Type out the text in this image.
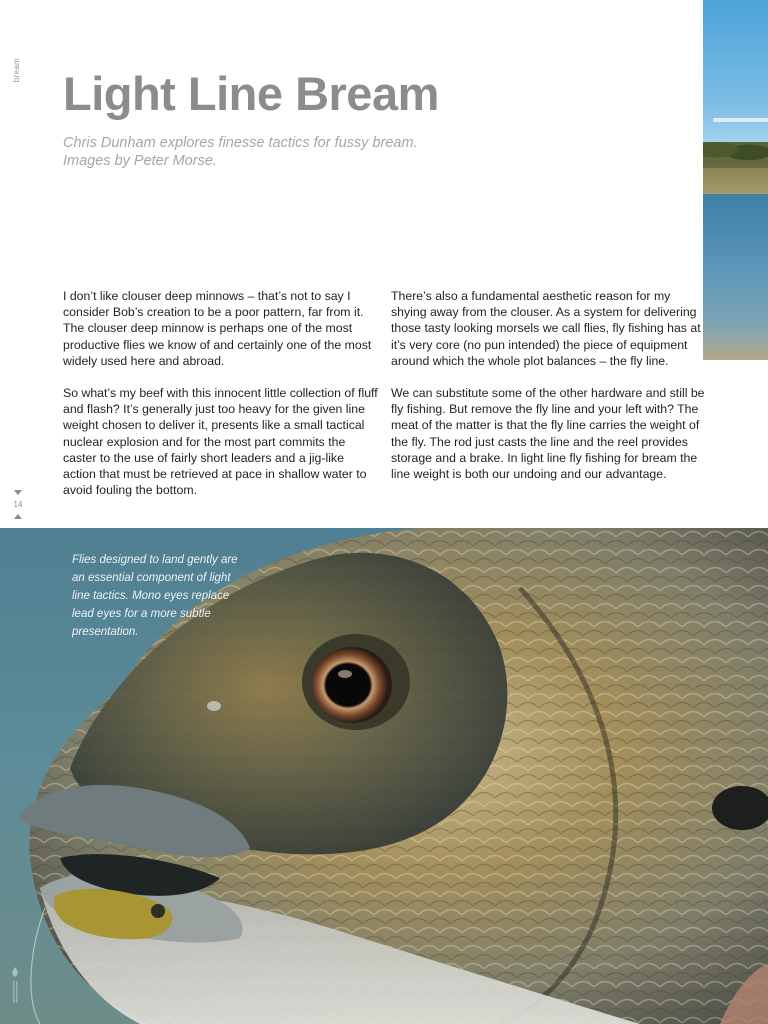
bream Light Line Bream
Chris Dunham explores finesse tactics for fussy bream.
Images by Peter Morse.

I don’t like clouser deep minnows – that’s not to say I consider Bob’s creation to be a poor pattern, far from it. The clouser deep minnow is perhaps one of the most productive flies we know of and certainly one of the most widely used here and abroad.

So what’s my beef with this innocent little collection of fluff and flash? It’s generally just too heavy for the given line weight chosen to deliver it, presents like a small tactical nuclear explosion and for the most part commits the caster to the use of fairly short leaders and a jig-like action that must be retrieved at pace in shallow water to avoid fouling the bottom.

There’s also a fundamental aesthetic reason for my shying away from the clouser. As a system for delivering those tasty looking morsels we call flies, fly fishing has at it’s very core (no pun intended) the piece of equipment around which the whole plot balances – the fly line.

We can substitute some of the other hardware and still be fly fishing. But remove the fly line and your left with? The meat of the matter is that the fly line carries the weight of the fly. The rod just casts the line and the reel provides storage and a brake. In light line fly fishing for bream the line weight is both our undoing and our advantage.

14
Flies designed to land gently are an essential component of light line tactics. Mono eyes replace lead eyes for a more subtle presentation.
